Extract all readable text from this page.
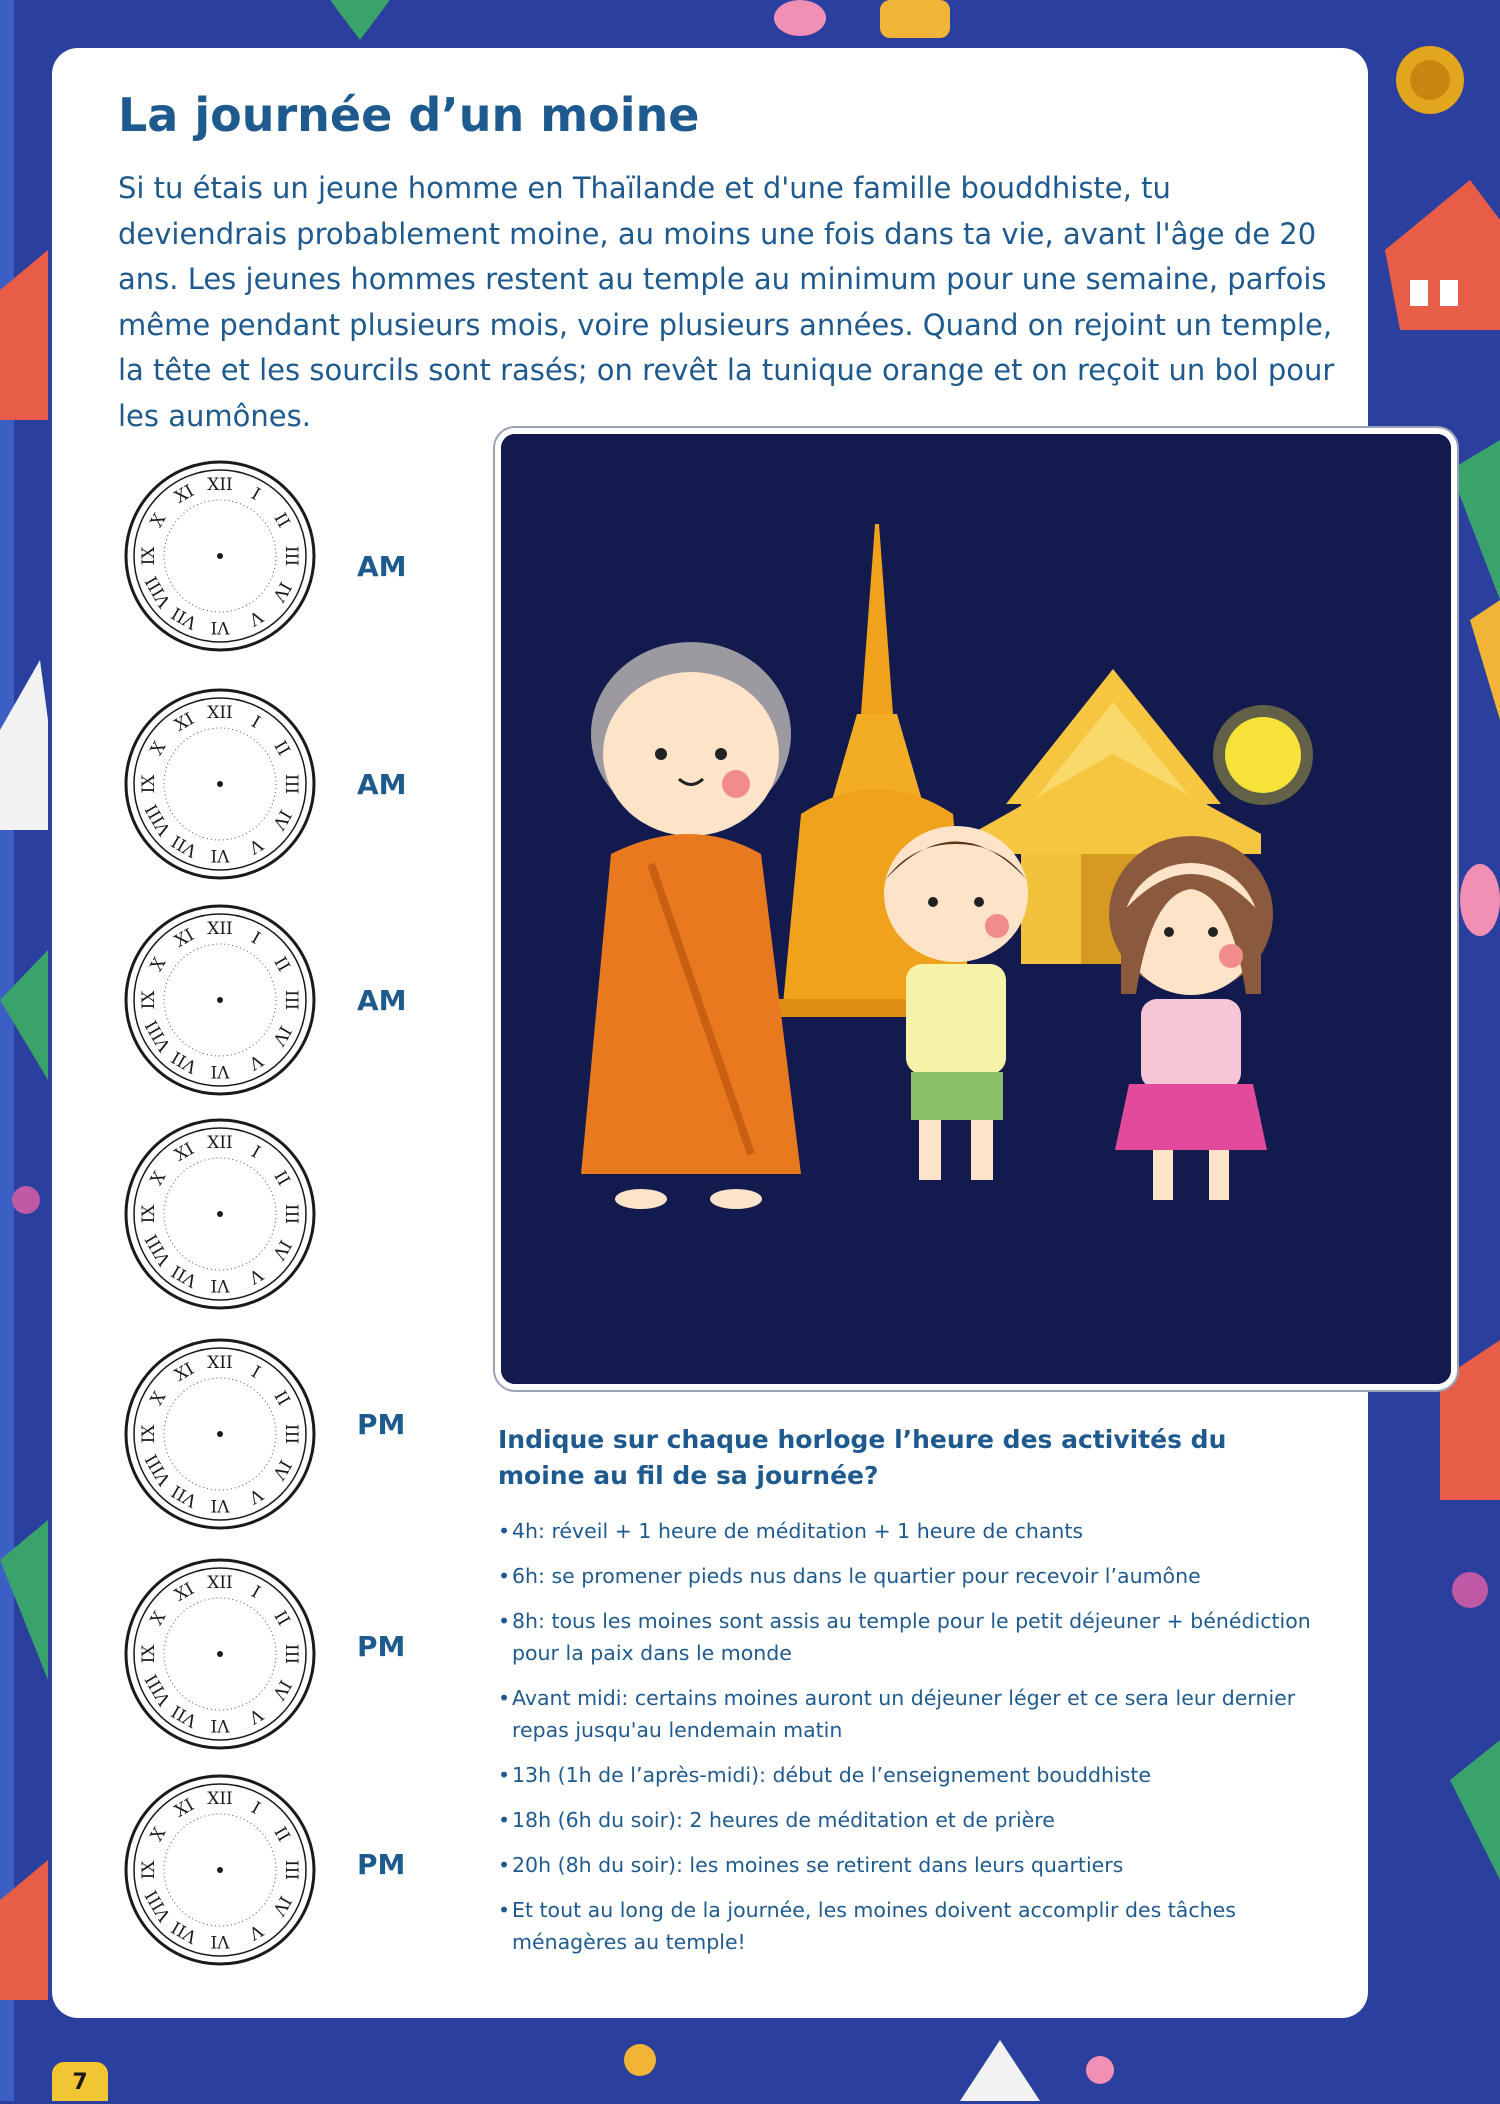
La journée d’un moine

Si tu étais un jeune homme en Thaïlande et d'une famille bouddhiste, tu deviendrais probablement moine, au moins une fois dans ta vie, avant l'âge de 20 ans. Les jeunes hommes restent au temple au minimum pour une semaine, parfois même pendant plusieurs mois, voire plusieurs années. Quand on rejoint un temple, la tête et les sourcils sont rasés; on revêt la tunique orange et on reçoit un bol pour les aumônes.

XII I
II
III
IV
V
VI
VII
VIII
IX
X
XI
AM
XII I
II
III
IV
V
VI
VII
VIII
IX
X
XI
AM
XII I
II
III
IV
V
VI
VII
VIII
IX
X
XI
AM
XII I
II
III
IV
V
VI
VII
VIII
IX
X
XI
XII I
II
III
IV
V
VI
VII
VIII
IX
X
XI
PM
XII I
II
III
IV
V
VI
VII
VIII
IX
X
XI
PM
XII I
II
III
IV
V
VI
VII
VIII
IX
X
XI
PM

Indique sur chaque horloge l’heure des activités du moine au fil de sa journée?

• 4h: réveil + 1 heure de méditation + 1 heure de chants
• 6h: se promener pieds nus dans le quartier pour recevoir l’aumône
• 8h: tous les moines sont assis au temple pour le petit déjeuner + bénédiction pour la paix dans le monde
• Avant midi: certains moines auront un déjeuner léger et ce sera leur dernier repas jusqu'au lendemain matin
• 13h (1h de l’après-midi): début de l’enseignement bouddhiste
• 18h (6h du soir): 2 heures de méditation et de prière
• 20h (8h du soir): les moines se retirent dans leurs quartiers
• Et tout au long de la journée, les moines doivent accomplir des tâches ménagères au temple!
7
